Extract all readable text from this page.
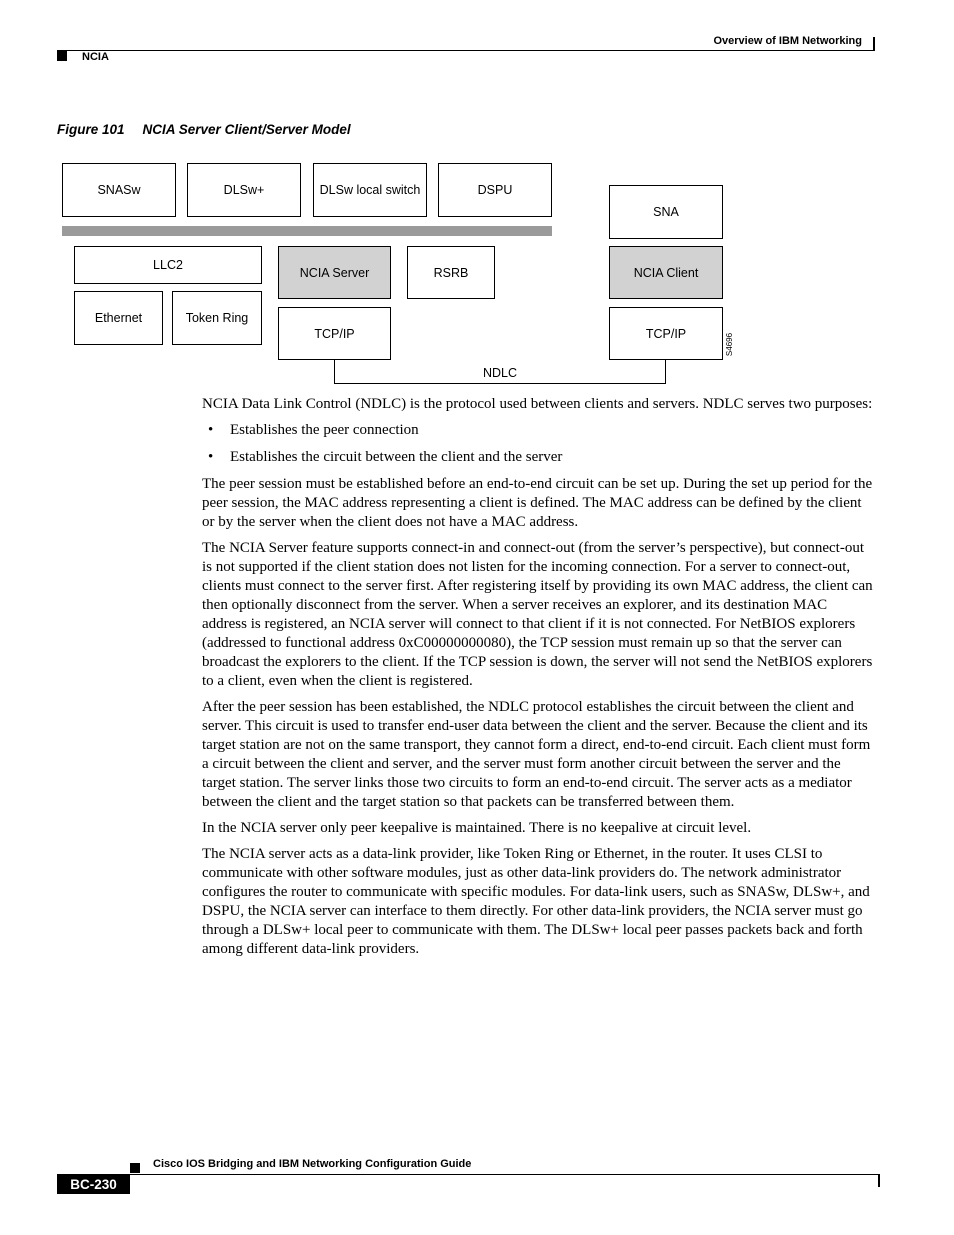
Overview of IBM Networking
NCIA
Figure 101 NCIA Server Client/Server Model
SNASw	DLSw+	DLSw local switch	DSPU
SNA
LLC2
NCIA Server	RSRB	NCIA Client
Ethernet	Token Ring
TCP/IP	TCP/IP
NDLC
S4696

NCIA Data Link Control (NDLC) is the protocol used between clients and servers. NDLC serves two purposes:

• Establishes the peer connection
• Establishes the circuit between the client and the server

The peer session must be established before an end-to-end circuit can be set up. During the set up period for the peer session, the MAC address representing a client is defined. The MAC address can be defined by the client or by the server when the client does not have a MAC address.

The NCIA Server feature supports connect-in and connect-out (from the server’s perspective), but connect-out is not supported if the client station does not listen for the incoming connection. For a server to connect-out, clients must connect to the server first. After registering itself by providing its own MAC address, the client can then optionally disconnect from the server. When a server receives an explorer, and its destination MAC address is registered, an NCIA server will connect to that client if it is not connected. For NetBIOS explorers (addressed to functional address 0xC00000000080), the TCP session must remain up so that the server can broadcast the explorers to the client. If the TCP session is down, the server will not send the NetBIOS explorers to a client, even when the client is registered.

After the peer session has been established, the NDLC protocol establishes the circuit between the client and server. This circuit is used to transfer end-user data between the client and the server. Because the client and its target station are not on the same transport, they cannot form a direct, end-to-end circuit. Each client must form a circuit between the client and server, and the server must form another circuit between the server and the target station. The server links those two circuits to form an end-to-end circuit. The server acts as a mediator between the client and the target station so that packets can be transferred between them.

In the NCIA server only peer keepalive is maintained. There is no keepalive at circuit level.

The NCIA server acts as a data-link provider, like Token Ring or Ethernet, in the router. It uses CLSI to communicate with other software modules, just as other data-link providers do. The network administrator configures the router to communicate with specific modules. For data-link users, such as SNASw, DLSw+, and DSPU, the NCIA server can interface to them directly. For other data-link providers, the NCIA server must go through a DLSw+ local peer to communicate with them. The DLSw+ local peer passes packets back and forth among different data-link providers.

Cisco IOS Bridging and IBM Networking Configuration Guide
BC-230
